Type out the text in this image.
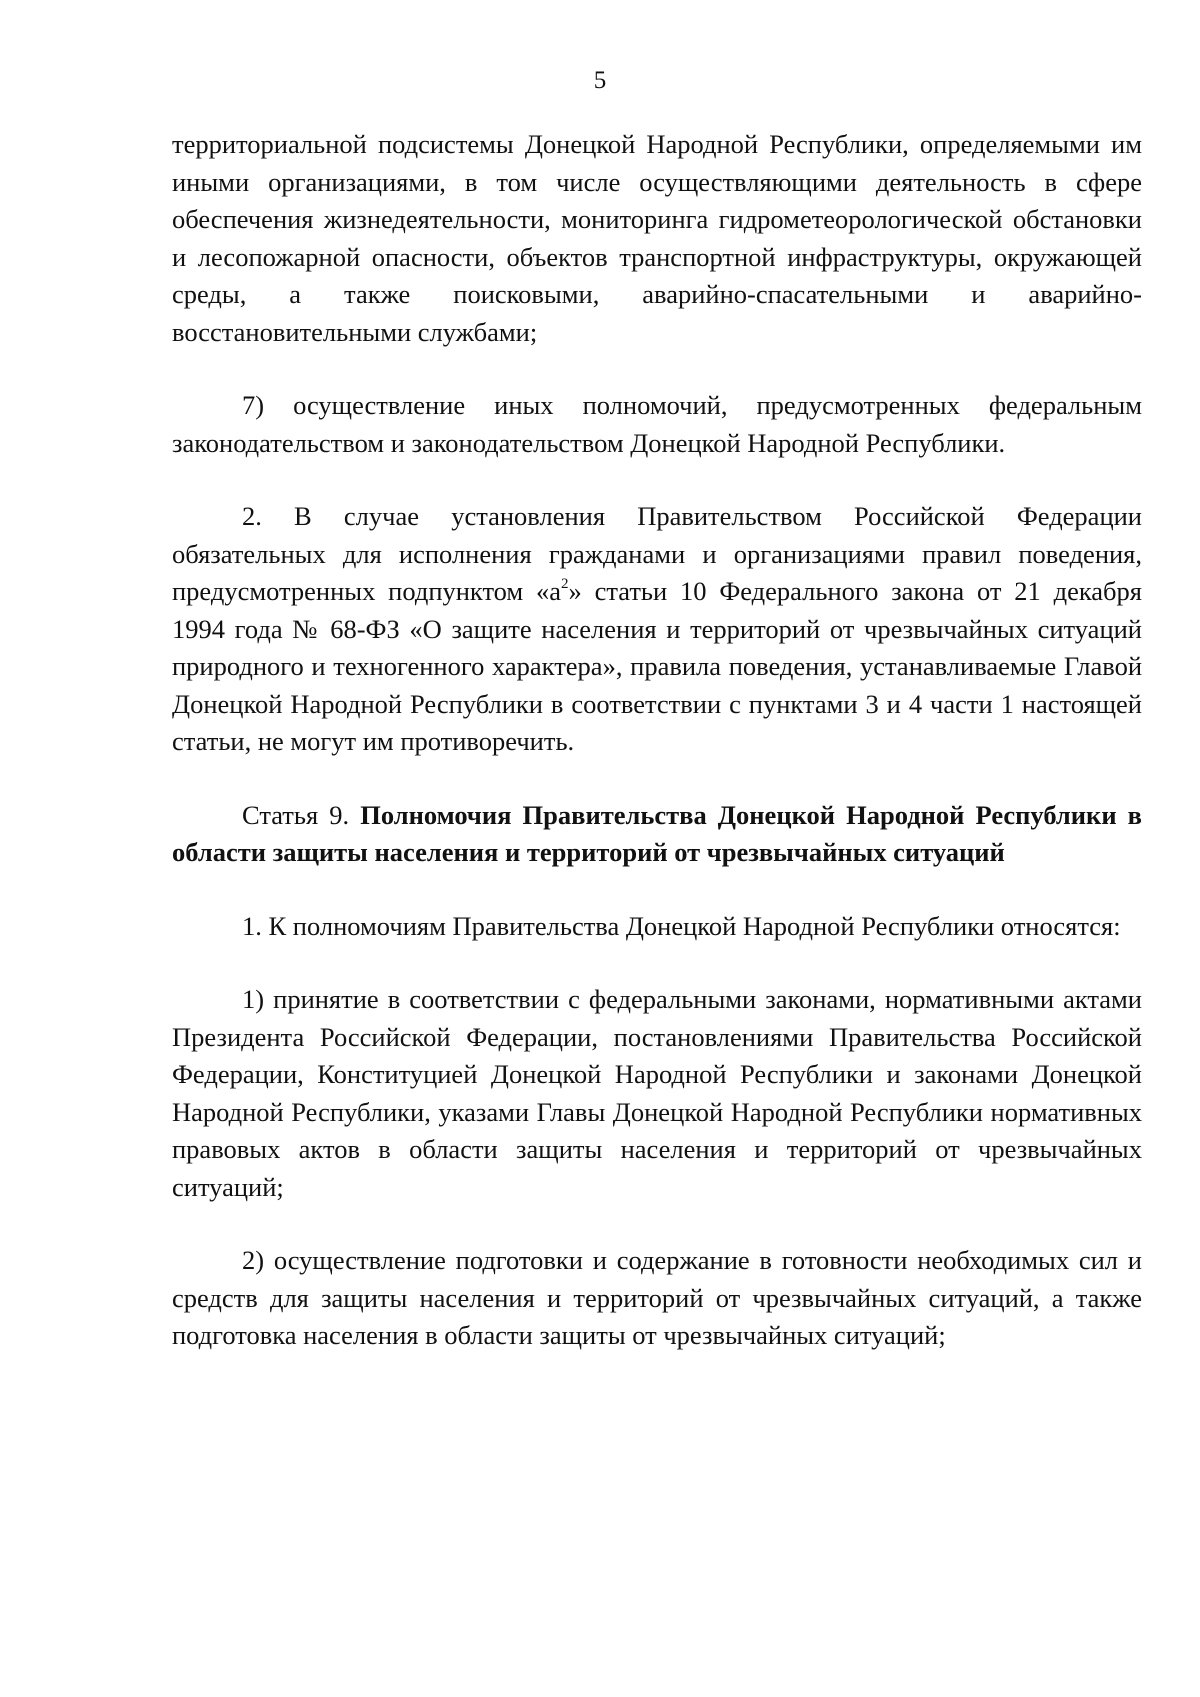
5

территориальной подсистемы Донецкой Народной Республики, определяемыми им иными организациями, в том числе осуществляющими деятельность в сфере обеспечения жизнедеятельности, мониторинга гидрометеорологической обстановки и лесопожарной опасности, объектов транспортной инфраструктуры, окружающей среды, а также поисковыми, аварийно-спасательными и аварийно-восстановительными службами;

7) осуществление иных полномочий, предусмотренных федеральным законодательством и законодательством Донецкой Народной Республики.

2. В случае установления Правительством Российской Федерации обязательных для исполнения гражданами и организациями правил поведения, предусмотренных подпунктом «$а^2$» статьи 10 Федерального закона от 21 декабря 1994 года № 68-ФЗ «О защите населения и территорий от чрезвычайных ситуаций природного и техногенного характера», правила поведения, устанавливаемые Главой Донецкой Народной Республики в соответствии с пунктами 3 и 4 части 1 настоящей статьи, не могут им противоречить.

Статья 9. Полномочия Правительства Донецкой Народной Республики в области защиты населения и территорий от чрезвычайных ситуаций

1. К полномочиям Правительства Донецкой Народной Республики относятся:

1) принятие в соответствии с федеральными законами, нормативными актами Президента Российской Федерации, постановлениями Правительства Российской Федерации, Конституцией Донецкой Народной Республики и законами Донецкой Народной Республики, указами Главы Донецкой Народной Республики нормативных правовых актов в области защиты населения и территорий от чрезвычайных ситуаций;

2) осуществление подготовки и содержание в готовности необходимых сил и средств для защиты населения и территорий от чрезвычайных ситуаций, а также подготовка населения в области защиты от чрезвычайных ситуаций;
